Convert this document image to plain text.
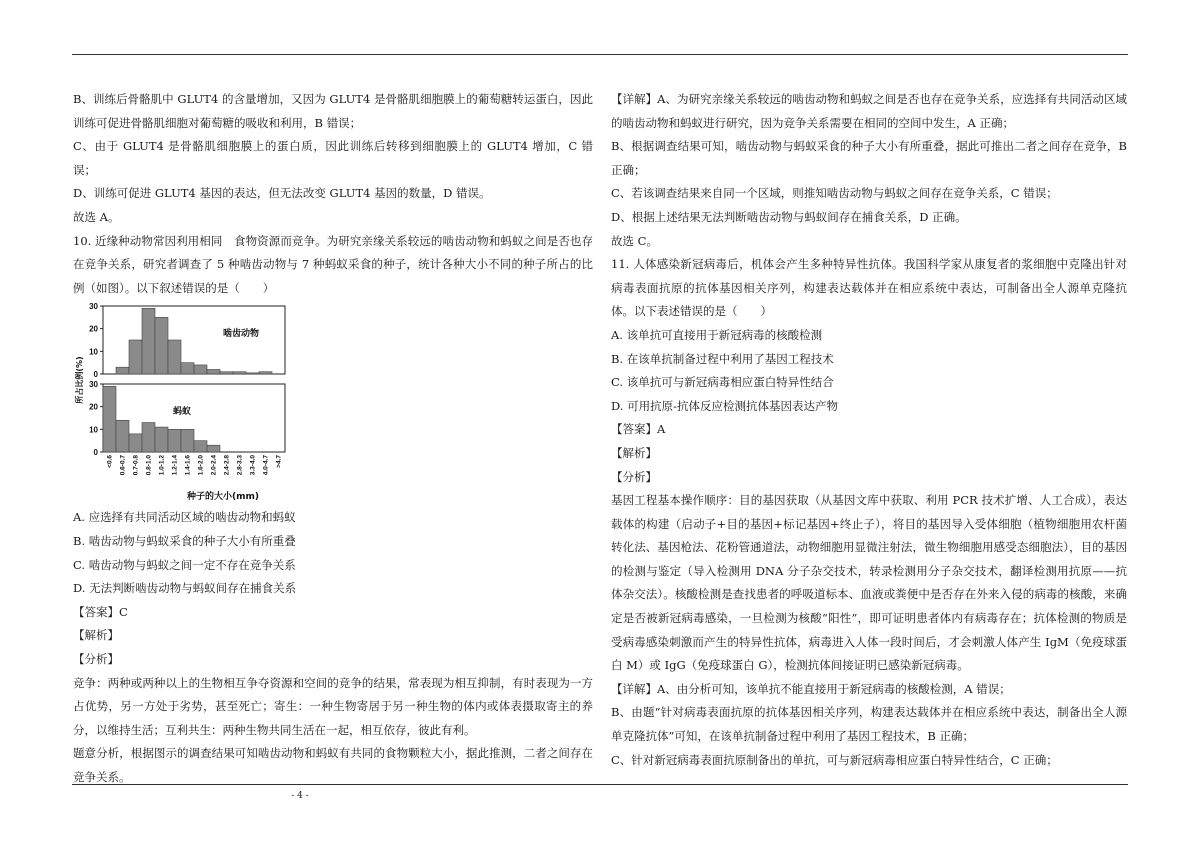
B、训练后骨骼肌中 GLUT4 的含量增加，又因为 GLUT4 是骨骼肌细胞膜上的葡萄糖转运蛋白，因此训练可促进骨骼肌细胞对葡萄糖的吸收和利用，B 错误；

C、由于 GLUT4 是骨骼肌细胞膜上的蛋白质，因此训练后转移到细胞膜上的 GLUT4 增加，C 错误；

D、训练可促进 GLUT4 基因的表达，但无法改变 GLUT4 基因的数量，D 错误。

故选 A。

10. 近缘种动物常因利用相同　食物资源而竞争。为研究亲缘关系较远的啮齿动物和蚂蚁之间是否也存在竞争关系，研究者调查了 5 种啮齿动物与 7 种蚂蚁采食的种子，统计各种大小不同的种子所占的比例（如图）。以下叙述错误的是（　　）

30
20
10
0
啮齿动物
30
20
10
0
蚂蚁
所占比例(%)
<0.6 0.6-0.7 0.7-0.8 0.8-1.0 1.0-1.2 1.2-1.4 1.4-1.6 1.6-2.0 2.0-2.4 2.4-2.8 2.8-3.3 3.3-4.0 4.0-4.7 >4.7
种子的大小(mm)

A. 应选择有共同活动区域的啮齿动物和蚂蚁

B. 啮齿动物与蚂蚁采食的种子大小有所重叠

C. 啮齿动物与蚂蚁之间一定不存在竞争关系

D. 无法判断啮齿动物与蚂蚁间存在捕食关系

【答案】C

【解析】

【分析】

竞争：两种或两种以上的生物相互争夺资源和空间的竞争的结果，常表现为相互抑制，有时表现为一方占优势，另一方处于劣势，甚至死亡；寄生：一种生物寄居于另一种生物的体内或体表摄取寄主的养分，以维持生活；互利共生：两种生物共同生活在一起，相互依存，彼此有利。

题意分析，根据图示的调查结果可知啮齿动物和蚂蚁有共同的食物颗粒大小，据此推测，二者之间存在竞争关系。

【详解】A、为研究亲缘关系较远的啮齿动物和蚂蚁之间是否也存在竞争关系，应选择有共同活动区域的啮齿动物和蚂蚁进行研究，因为竞争关系需要在相同的空间中发生，A 正确；

B、根据调查结果可知，啮齿动物与蚂蚁采食的种子大小有所重叠，据此可推出二者之间存在竞争，B 正确；

C、若该调查结果来自同一个区域，则推知啮齿动物与蚂蚁之间存在竞争关系，C 错误；

D、根据上述结果无法判断啮齿动物与蚂蚁间存在捕食关系，D 正确。

故选 C。

11. 人体感染新冠病毒后，机体会产生多种特异性抗体。我国科学家从康复者的浆细胞中克隆出针对病毒表面抗原的抗体基因相关序列，构建表达载体并在相应系统中表达，可制备出全人源单克隆抗体。以下表述错误的是（　　）

A. 该单抗可直接用于新冠病毒的核酸检测

B. 在该单抗制备过程中利用了基因工程技术

C. 该单抗可与新冠病毒相应蛋白特异性结合

D. 可用抗原-抗体反应检测抗体基因表达产物

【答案】A

【解析】

【分析】

基因工程基本操作顺序：目的基因获取（从基因文库中获取、利用 PCR 技术扩增、人工合成），表达载体的构建（启动子+目的基因+标记基因+终止子），将目的基因导入受体细胞（植物细胞用农杆菌转化法、基因枪法、花粉管通道法，动物细胞用显微注射法，微生物细胞用感受态细胞法），目的基因的检测与鉴定（导入检测用 DNA 分子杂交技术，转录检测用分子杂交技术，翻译检测用抗原——抗体杂交法）。核酸检测是查找患者的呼吸道标本、血液或粪便中是否存在外来入侵的病毒的核酸，来确定是否被新冠病毒感染，一旦检测为核酸“阳性”，即可证明患者体内有病毒存在；抗体检测的物质是受病毒感染刺激而产生的特异性抗体，病毒进入人体一段时间后，才会刺激人体产生 IgM（免疫球蛋白 M）或 IgG（免疫球蛋白 G），检测抗体间接证明已感染新冠病毒。

【详解】A、由分析可知，该单抗不能直接用于新冠病毒的核酸检测，A 错误；

B、由题“针对病毒表面抗原的抗体基因相关序列，构建表达载体并在相应系统中表达，制备出全人源单克隆抗体”可知，在该单抗制备过程中利用了基因工程技术，B 正确；

C、针对新冠病毒表面抗原制备出的单抗，可与新冠病毒相应蛋白特异性结合，C 正确；

- 4 -
